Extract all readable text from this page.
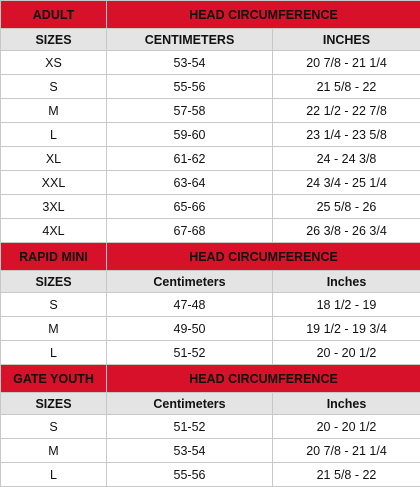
ADULT	HEAD CIRCUMFERENCE	
SIZES	CENTIMETERS	INCHES
XS	53-54	20 7/8 - 21 1/4
S	55-56	21 5/8 - 22
M	57-58	22 1/2 - 22 7/8
L	59-60	23 1/4 - 23 5/8
XL	61-62	24 - 24 3/8
XXL	63-64	24 3/4 - 25 1/4
3XL	65-66	25 5/8 - 26
4XL	67-68	26 3/8 - 26 3/4
RAPID MINI	HEAD CIRCUMFERENCE	
SIZES	Centimeters	Inches
S	47-48	18 1/2 - 19
M	49-50	19 1/2 - 19 3/4
L	51-52	20 - 20 1/2
GATE YOUTH	HEAD CIRCUMFERENCE	
SIZES	Centimeters	Inches
S	51-52	20 - 20 1/2
M	53-54	20 7/8 - 21 1/4
L	55-56	21 5/8 - 22
